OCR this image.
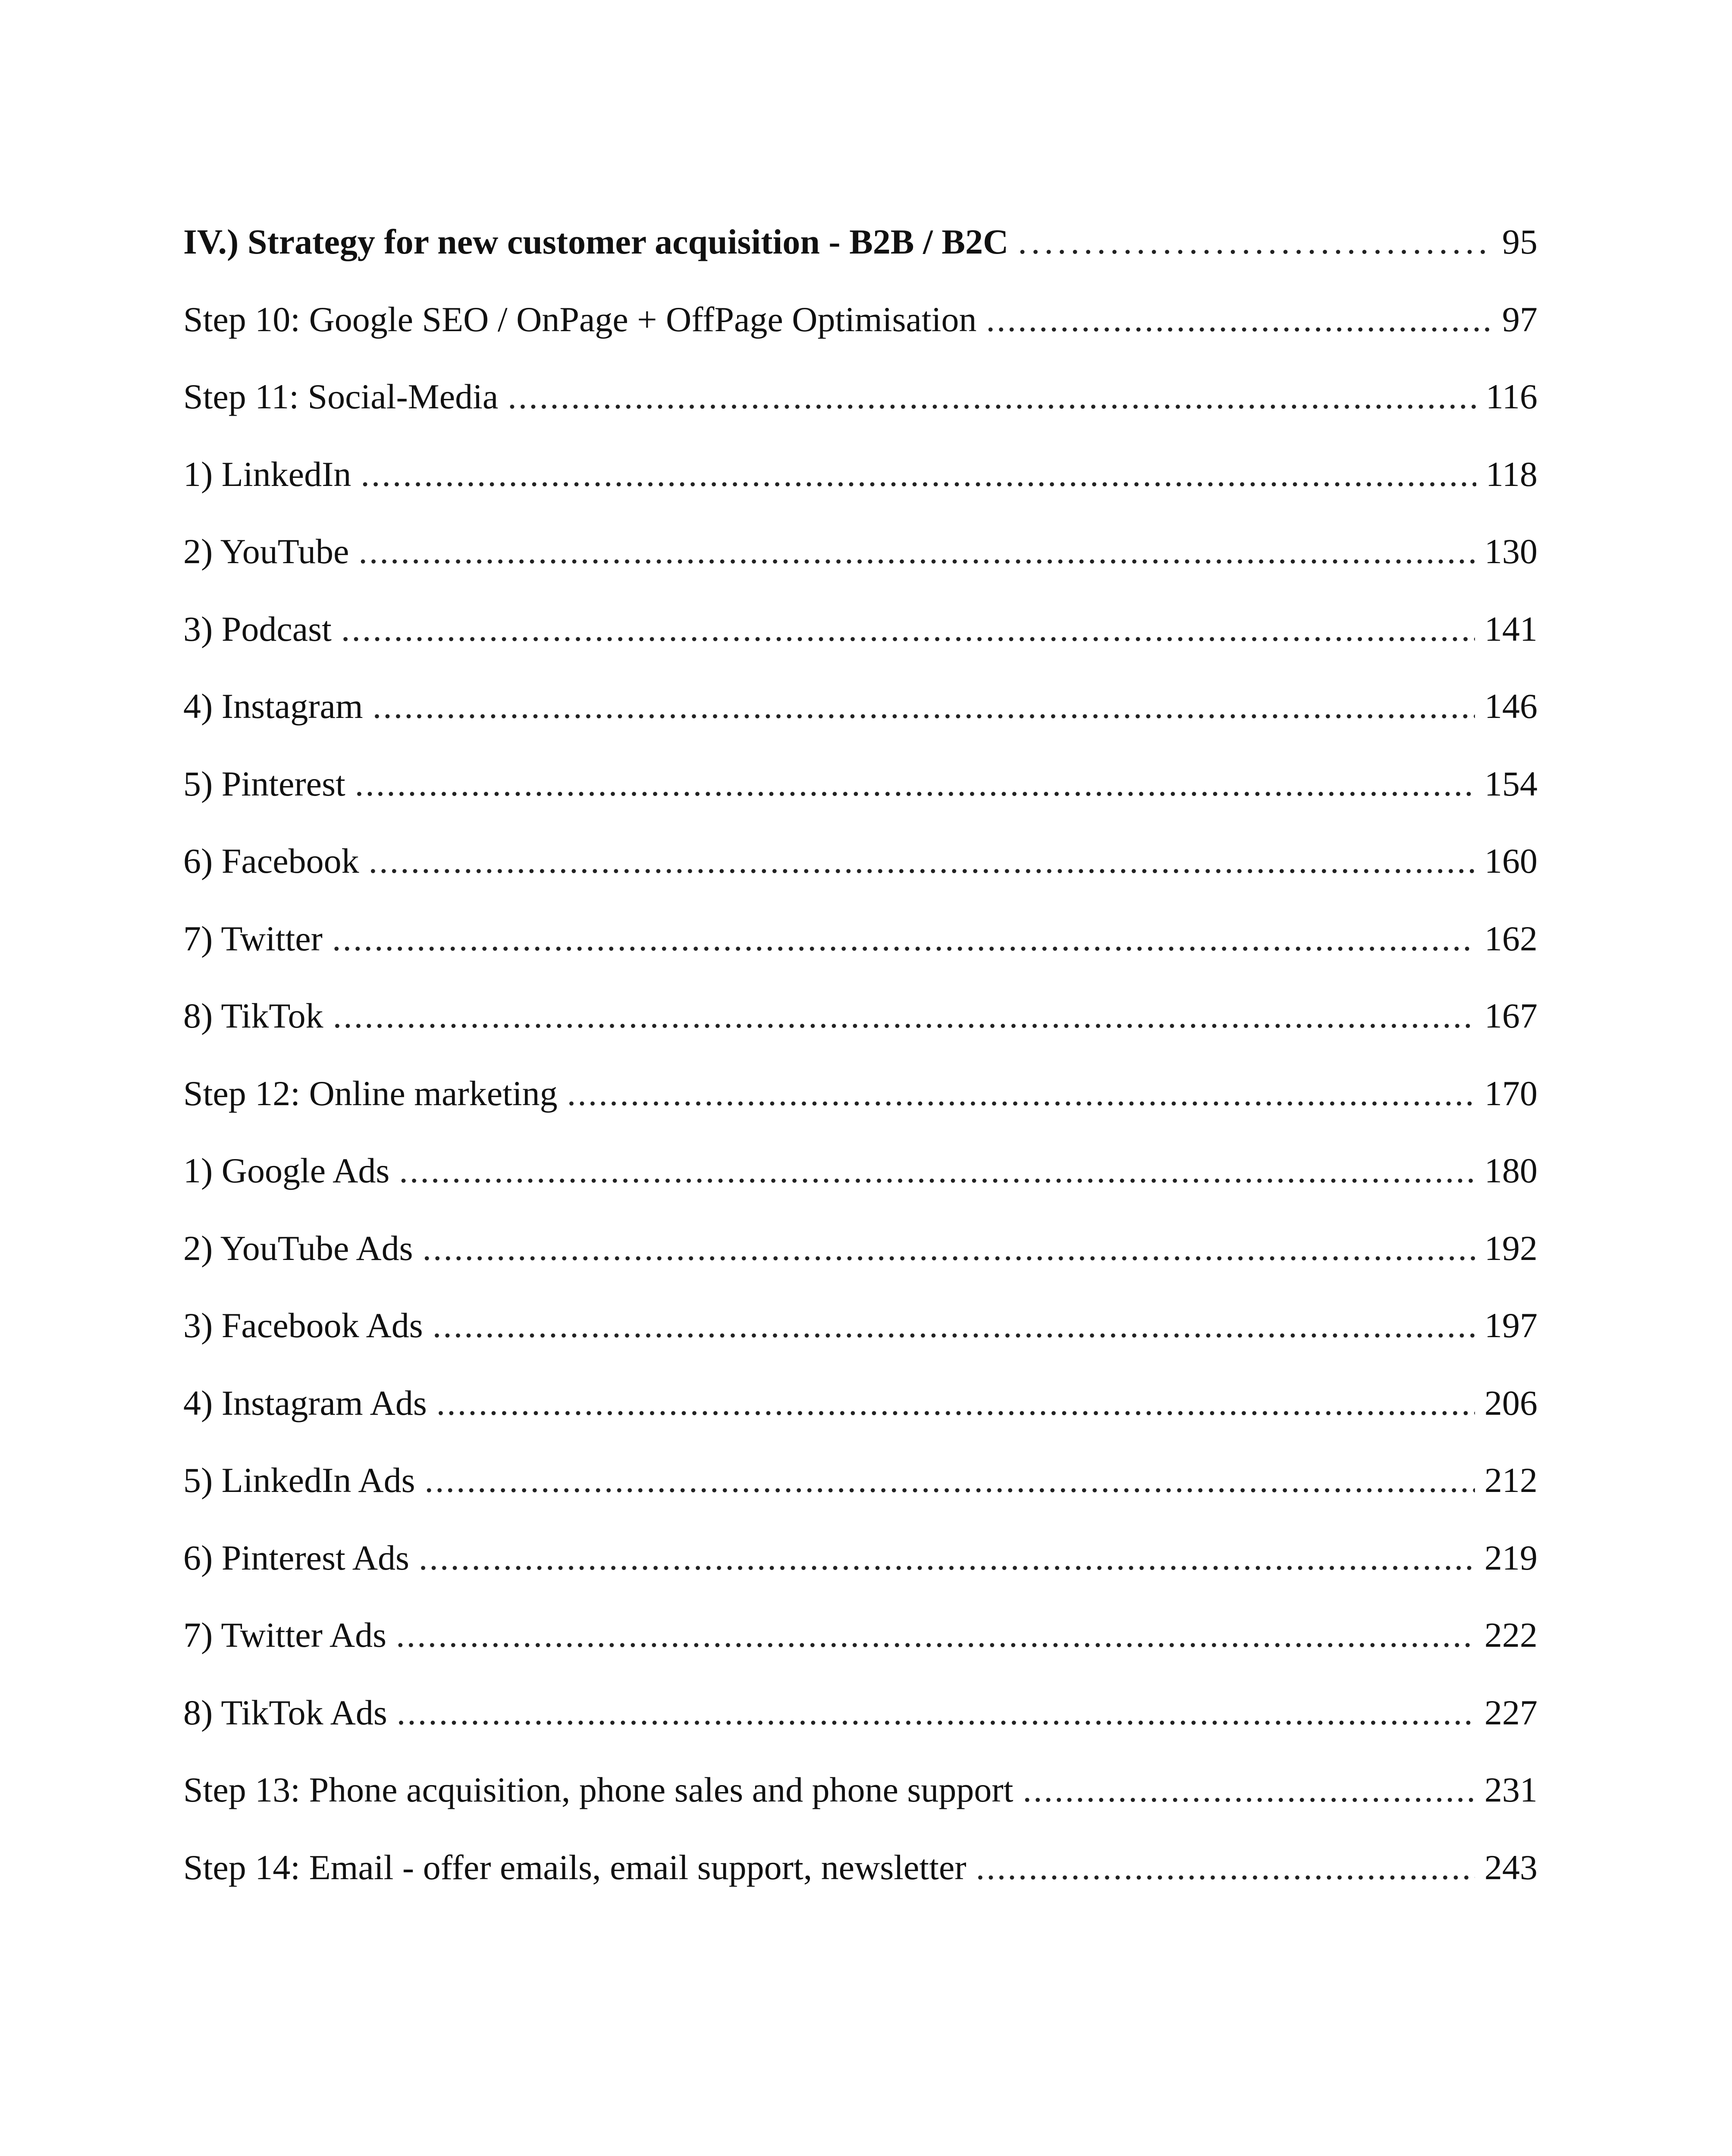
IV.) Strategy for new customer acquisition - B2B / B2C .....	95
Step 10: Google SEO / OnPage + OffPage Optimisation .....	97
Step 11: Social-Media .....	116
1) LinkedIn .....	118
2) YouTube .....	130
3) Podcast .....	141
4) Instagram .....	146
5) Pinterest .....	154
6) Facebook .....	160
7) Twitter .....	162
8) TikTok .....	167
Step 12: Online marketing .....	170
1) Google Ads .....	180
2) YouTube Ads .....	192
3) Facebook Ads .....	197
4) Instagram Ads .....	206
5) LinkedIn Ads .....	212
6) Pinterest Ads .....	219
7) Twitter Ads .....	222
8) TikTok Ads .....	227
Step 13: Phone acquisition, phone sales and phone support .....	231
Step 14: Email - offer emails, email support, newsletter .....	243
